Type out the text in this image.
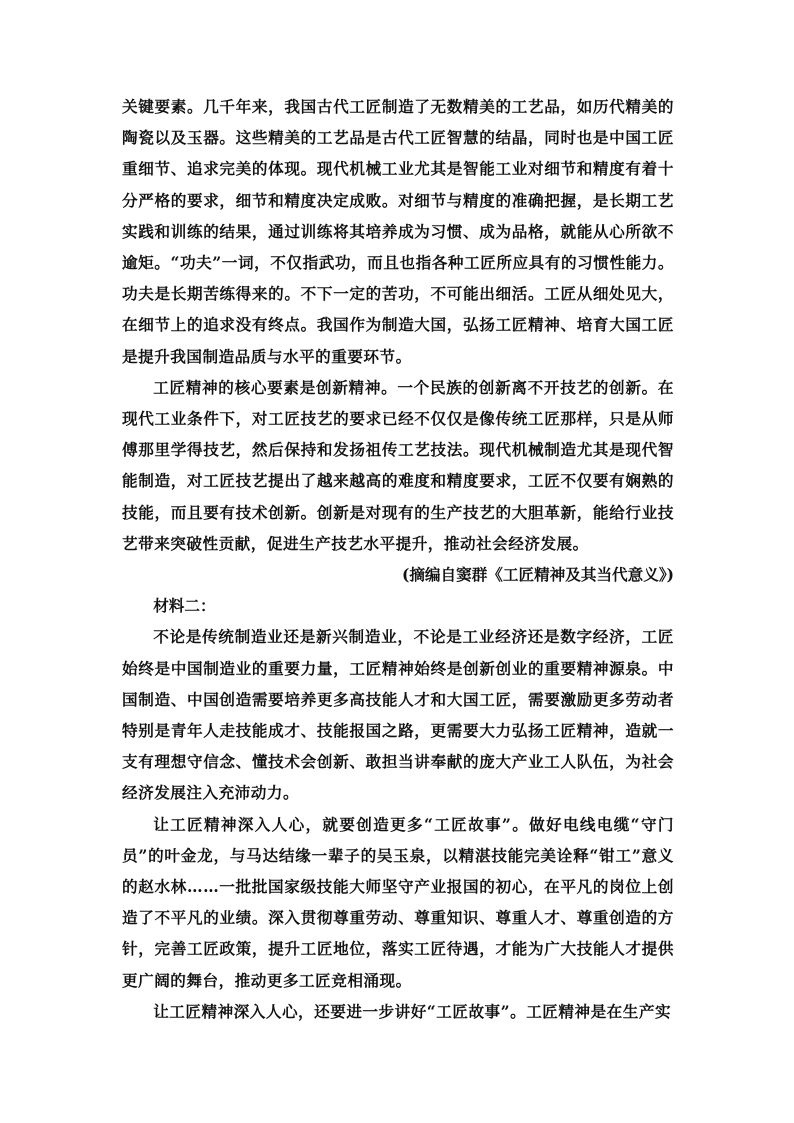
关键要素。几千年来，我国古代工匠制造了无数精美的工艺品，如历代精美的陶瓷以及玉器。这些精美的工艺品是古代工匠智慧的结晶，同时也是中国工匠重细节、追求完美的体现。现代机械工业尤其是智能工业对细节和精度有着十分严格的要求，细节和精度决定成败。对细节与精度的准确把握，是长期工艺实践和训练的结果，通过训练将其培养成为习惯、成为品格，就能从心所欲不逾矩。“功夫”一词，不仅指武功，而且也指各种工匠所应具有的习惯性能力。功夫是长期苦练得来的。不下一定的苦功，不可能出细活。工匠从细处见大，在细节上的追求没有终点。我国作为制造大国，弘扬工匠精神、培育大国工匠是提升我国制造品质与水平的重要环节。

工匠精神的核心要素是创新精神。一个民族的创新离不开技艺的创新。在现代工业条件下，对工匠技艺的要求已经不仅仅是像传统工匠那样，只是从师傅那里学得技艺，然后保持和发扬祖传工艺技法。现代机械制造尤其是现代智能制造，对工匠技艺提出了越来越高的难度和精度要求，工匠不仅要有娴熟的技能，而且要有技术创新。创新是对现有的生产技艺的大胆革新，能给行业技艺带来突破性贡献，促进生产技艺水平提升，推动社会经济发展。

(摘编自窦群《工匠精神及其当代意义》)

材料二：

不论是传统制造业还是新兴制造业，不论是工业经济还是数字经济，工匠始终是中国制造业的重要力量，工匠精神始终是创新创业的重要精神源泉。中国制造、中国创造需要培养更多高技能人才和大国工匠，需要激励更多劳动者特别是青年人走技能成才、技能报国之路，更需要大力弘扬工匠精神，造就一支有理想守信念、懂技术会创新、敢担当讲奉献的庞大产业工人队伍，为社会经济发展注入充沛动力。

让工匠精神深入人心，就要创造更多“工匠故事”。做好电线电缆“守门员”的叶金龙，与马达结缘一辈子的吴玉泉，以精湛技能完美诠释“钳工”意义的赵水林……一批批国家级技能大师坚守产业报国的初心，在平凡的岗位上创造了不平凡的业绩。深入贯彻尊重劳动、尊重知识、尊重人才、尊重创造的方针，完善工匠政策，提升工匠地位，落实工匠待遇，才能为广大技能人才提供更广阔的舞台，推动更多工匠竞相涌现。

让工匠精神深入人心，还要进一步讲好“工匠故事”。工匠精神是在生产实
